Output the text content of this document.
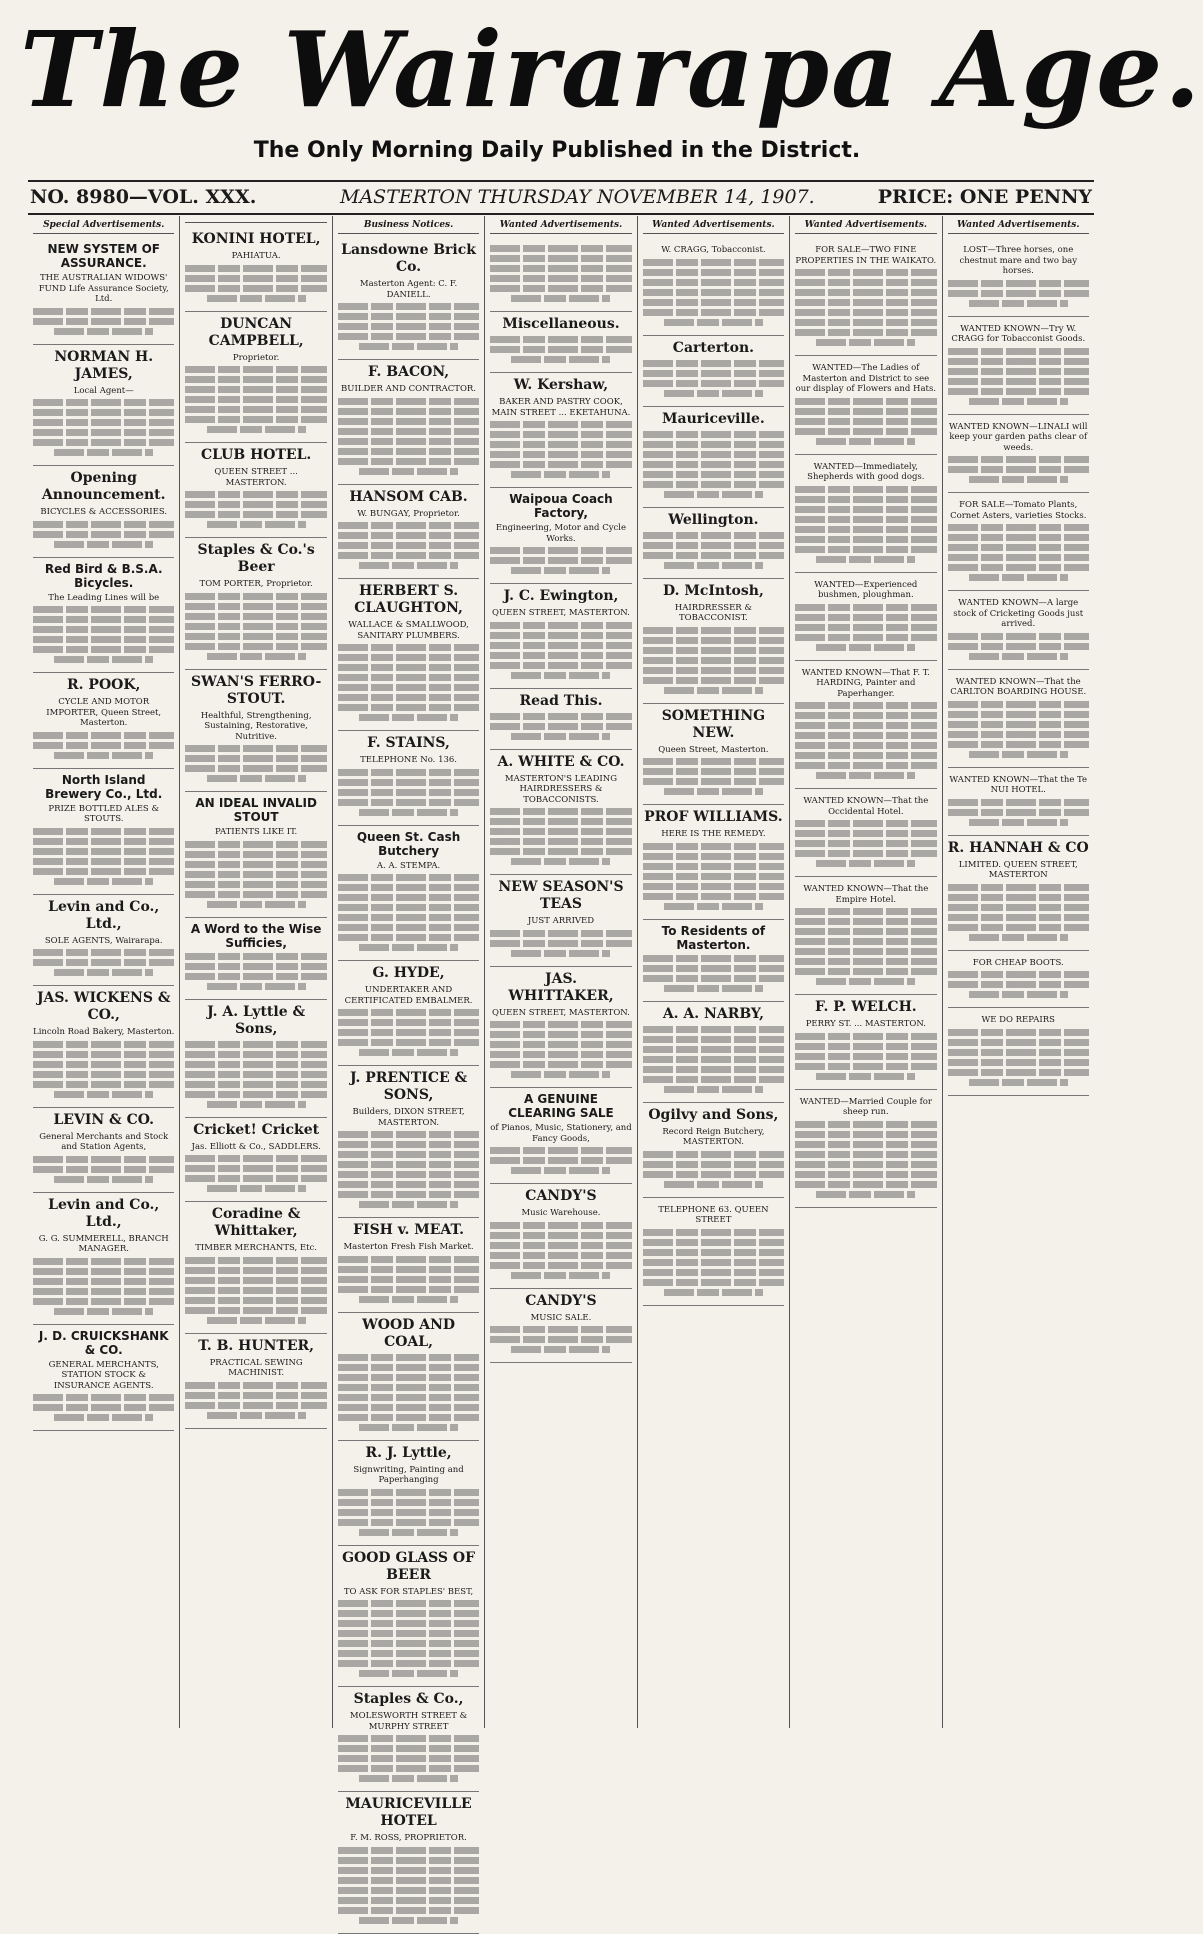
The Wairarapa Age.
The Only Morning Daily Published in the District.
NO. 8980—VOL. XXX.	MASTERTON THURSDAY NOVEMBER 14, 1907.	PRICE: ONE PENNY
Special Advertisements.
NEW SYSTEM OF ASSURANCE.

THE AUSTRALIAN WIDOWS' FUND Life Assurance Society, Ltd.

NORMAN H. JAMES,

Local Agent—

Opening Announcement.

BICYCLES & ACCESSORIES.

Red Bird & B.S.A. Bicycles.

The Leading Lines will be

R. POOK,

CYCLE AND MOTOR IMPORTER, Queen Street, Masterton.

North Island Brewery Co., Ltd.

PRIZE BOTTLED ALES & STOUTS.

Levin and Co., Ltd.,

SOLE AGENTS, Wairarapa.

JAS. WICKENS & CO.,

Lincoln Road Bakery, Masterton.

LEVIN & CO.

General Merchants and Stock and Station Agents,

Levin and Co., Ltd.,

G. G. SUMMERELL, BRANCH MANAGER.

J. D. CRUICKSHANK & CO.

GENERAL MERCHANTS, STATION STOCK & INSURANCE AGENTS.

KONINI HOTEL,

PAHIATUA.

DUNCAN CAMPBELL,

Proprietor.

CLUB HOTEL.

QUEEN STREET ... MASTERTON.

Staples & Co.'s Beer

TOM PORTER, Proprietor.

SWAN'S FERRO-STOUT.

Healthful, Strengthening, Sustaining, Restorative, Nutritive.

AN IDEAL INVALID STOUT

PATIENTS LIKE IT.

A Word to the Wise Sufficies,

J. A. Lyttle & Sons,

Cricket! Cricket

Jas. Elliott & Co., SADDLERS.

Coradine & Whittaker,

TIMBER MERCHANTS, Etc.

T. B. HUNTER,

PRACTICAL SEWING MACHINIST.

Business Notices.
Lansdowne Brick Co.

Masterton Agent: C. F. DANIELL.

F. BACON,

BUILDER AND CONTRACTOR.

HANSOM CAB.

W. BUNGAY, Proprietor.

HERBERT S. CLAUGHTON,

WALLACE & SMALLWOOD, SANITARY PLUMBERS.

F. STAINS,

TELEPHONE No. 136.

Queen St. Cash Butchery

A. A. STEMPA.

G. HYDE,

UNDERTAKER AND CERTIFICATED EMBALMER.

J. PRENTICE & SONS,

Builders, DIXON STREET, MASTERTON.

FISH v. MEAT.

Masterton Fresh Fish Market.

WOOD AND COAL,

R. J. Lyttle,

Signwriting, Painting and Paperhanging

GOOD GLASS OF BEER

TO ASK FOR STAPLES' BEST,

Staples & Co.,

MOLESWORTH STREET & MURPHY STREET

MAURICEVILLE HOTEL

F. M. ROSS, PROPRIETOR.

Wanted Advertisements.

Miscellaneous.

W. Kershaw,

BAKER AND PASTRY COOK, MAIN STREET ... EKETAHUNA.

Waipoua Coach Factory,

Engineering, Motor and Cycle Works.

J. C. Ewington,

QUEEN STREET, MASTERTON.

Read This.

A. WHITE & CO.

MASTERTON'S LEADING HAIRDRESSERS & TOBACCONISTS.

NEW SEASON'S TEAS

JUST ARRIVED

JAS. WHITTAKER,

QUEEN STREET, MASTERTON.

A GENUINE CLEARING SALE

of Pianos, Music, Stationery, and Fancy Goods,

CANDY'S

Music Warehouse.

CANDY'S

MUSIC SALE.

Wanted Advertisements.

W. CRAGG, Tobacconist.

Carterton.

Mauriceville.

Wellington.

D. McIntosh,

HAIRDRESSER & TOBACCONIST.

SOMETHING NEW.

Queen Street, Masterton.

PROF WILLIAMS.

HERE IS THE REMEDY.

To Residents of Masterton.

A. A. NARBY,

Ogilvy and Sons,

Record Reign Butchery, MASTERTON.

TELEPHONE 63. QUEEN STREET

Wanted Advertisements.

FOR SALE—TWO FINE PROPERTIES IN THE WAIKATO.

WANTED—The Ladies of Masterton and District to see our display of Flowers and Hats.

WANTED—Immediately, Shepherds with good dogs.

WANTED—Experienced bushmen, ploughman.

WANTED KNOWN—That F. T. HARDING, Painter and Paperhanger.

WANTED KNOWN—That the Occidental Hotel.

WANTED KNOWN—That the Empire Hotel.

F. P. WELCH.

PERRY ST. ... MASTERTON.

WANTED—Married Couple for sheep run.

Wanted Advertisements.

LOST—Three horses, one chestnut mare and two bay horses.

WANTED KNOWN—Try W. CRAGG for Tobacconist Goods.

WANTED KNOWN—LINALI will keep your garden paths clear of weeds.

FOR SALE—Tomato Plants, Cornet Asters, varieties Stocks.

WANTED KNOWN—A large stock of Cricketing Goods just arrived.

WANTED KNOWN—That the CARLTON BOARDING HOUSE.

WANTED KNOWN—That the Te NUI HOTEL.

R. HANNAH & CO

LIMITED. QUEEN STREET, MASTERTON

FOR CHEAP BOOTS.

WE DO REPAIRS
